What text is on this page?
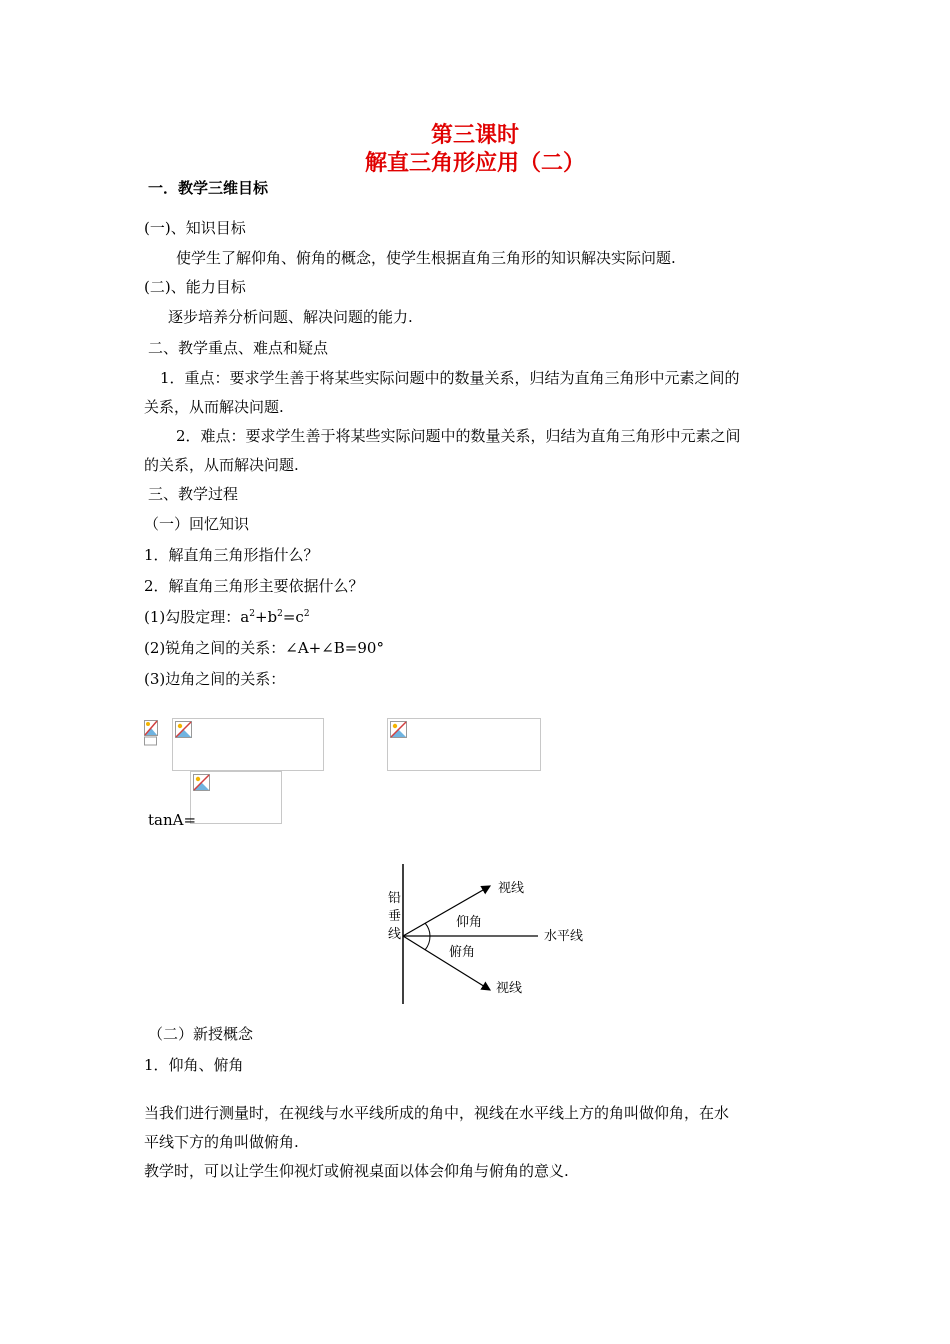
第三课时
解直三角形应用（二）
一．教学三维目标
(一)、知识目标
使学生了解仰角、俯角的概念，使学生根据直角三角形的知识解决实际问题.
(二)、能力目标
逐步培养分析问题、解决问题的能力.
二、教学重点、难点和疑点
1．重点：要求学生善于将某些实际问题中的数量关系，归结为直角三角形中元素之间的
关系，从而解决问题.
2．难点：要求学生善于将某些实际问题中的数量关系，归结为直角三角形中元素之间
的关系，从而解决问题.
三、教学过程
（一）回忆知识
1．解直角三角形指什么？
2．解直角三角形主要依据什么？
(1)勾股定理：$a^2+b^2=c^2$
(2)锐角之间的关系：∠A+∠B=90°
(3)边角之间的关系：
tanA=
铅
垂
线
视线
仰角
水平线
俯角
视线
（二）新授概念
1．仰角、俯角
当我们进行测量时，在视线与水平线所成的角中，视线在水平线上方的角叫做仰角，在水
平线下方的角叫做俯角.
教学时，可以让学生仰视灯或俯视桌面以体会仰角与俯角的意义.
